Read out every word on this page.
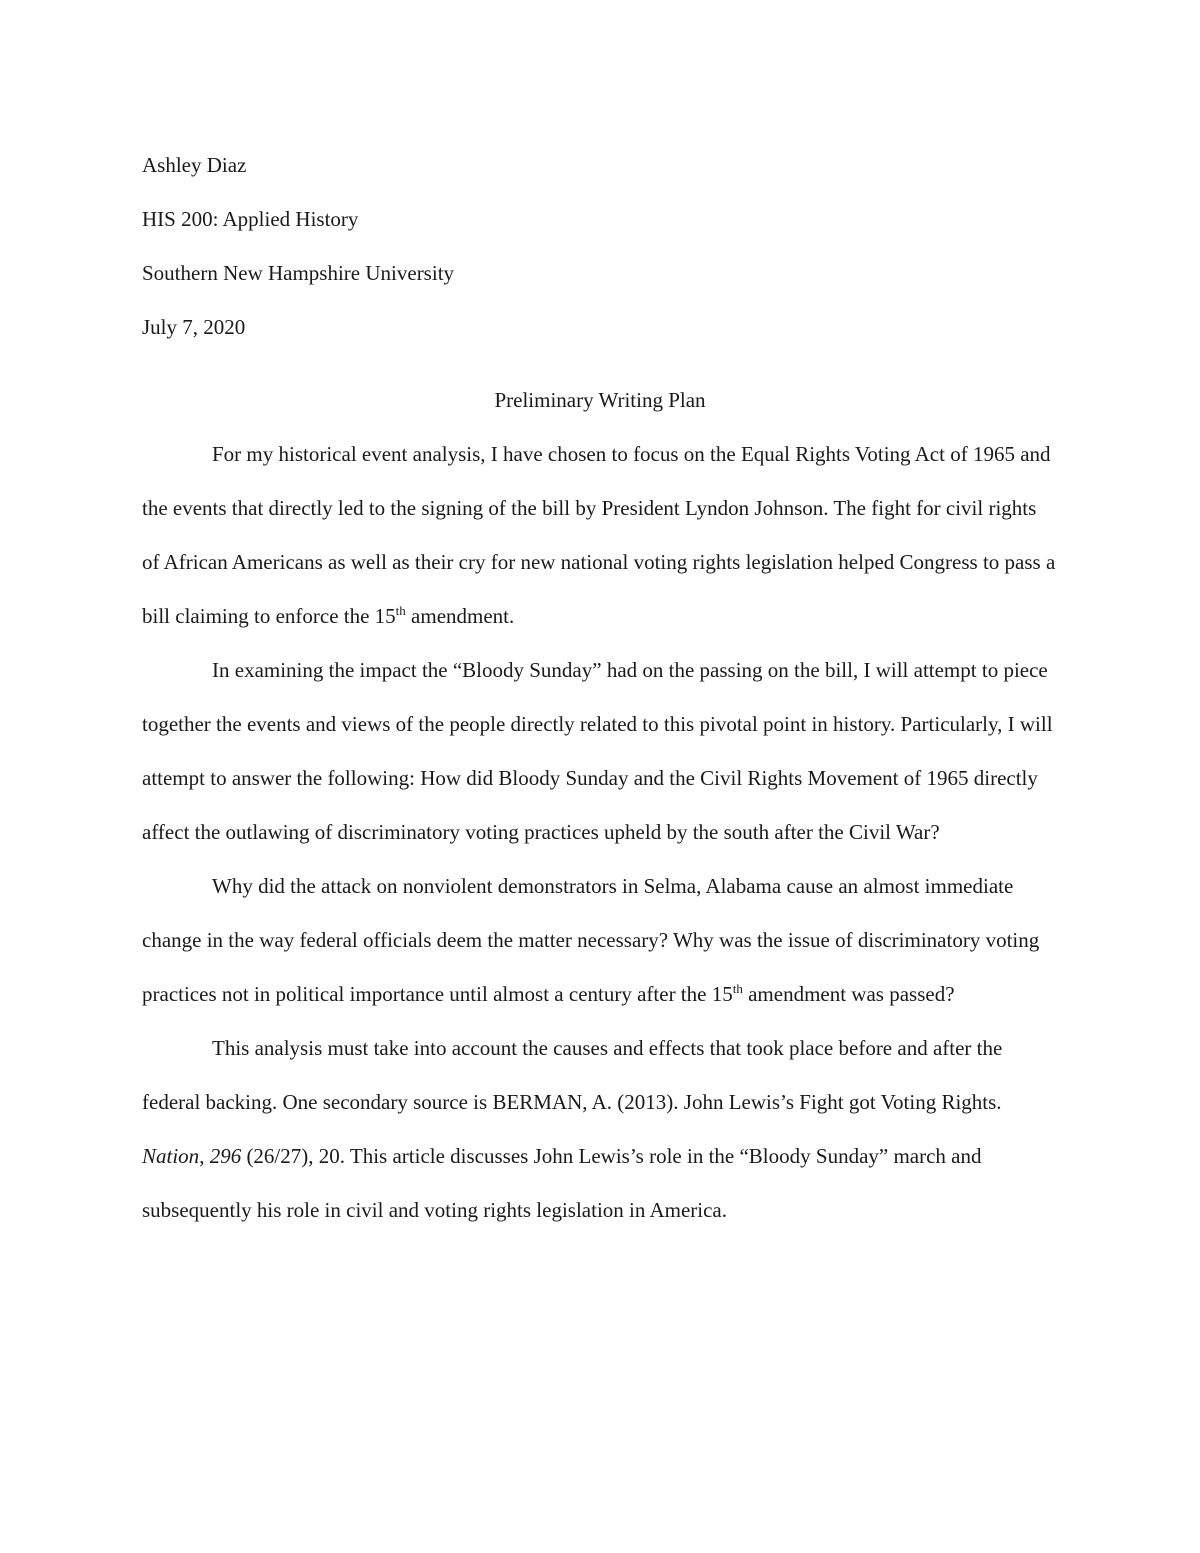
Ashley Diaz
HIS 200: Applied History
Southern New Hampshire University
July 7, 2020
Preliminary Writing Plan

For my historical event analysis, I have chosen to focus on the Equal Rights Voting Act of 1965 and the events that directly led to the signing of the bill by President Lyndon Johnson. The fight for civil rights of African Americans as well as their cry for new national voting rights legislation helped Congress to pass a bill claiming to enforce the 15th amendment.

In examining the impact the “Bloody Sunday” had on the passing on the bill, I will attempt to piece together the events and views of the people directly related to this pivotal point in history. Particularly, I will attempt to answer the following: How did Bloody Sunday and the Civil Rights Movement of 1965 directly affect the outlawing of discriminatory voting practices upheld by the south after the Civil War?

Why did the attack on nonviolent demonstrators in Selma, Alabama cause an almost immediate change in the way federal officials deem the matter necessary? Why was the issue of discriminatory voting practices not in political importance until almost a century after the 15th amendment was passed?

This analysis must take into account the causes and effects that took place before and after the federal backing. One secondary source is BERMAN, A. (2013). John Lewis’s Fight got Voting Rights. Nation, 296 (26/27), 20. This article discusses John Lewis’s role in the “Bloody Sunday” march and subsequently his role in civil and voting rights legislation in America.
